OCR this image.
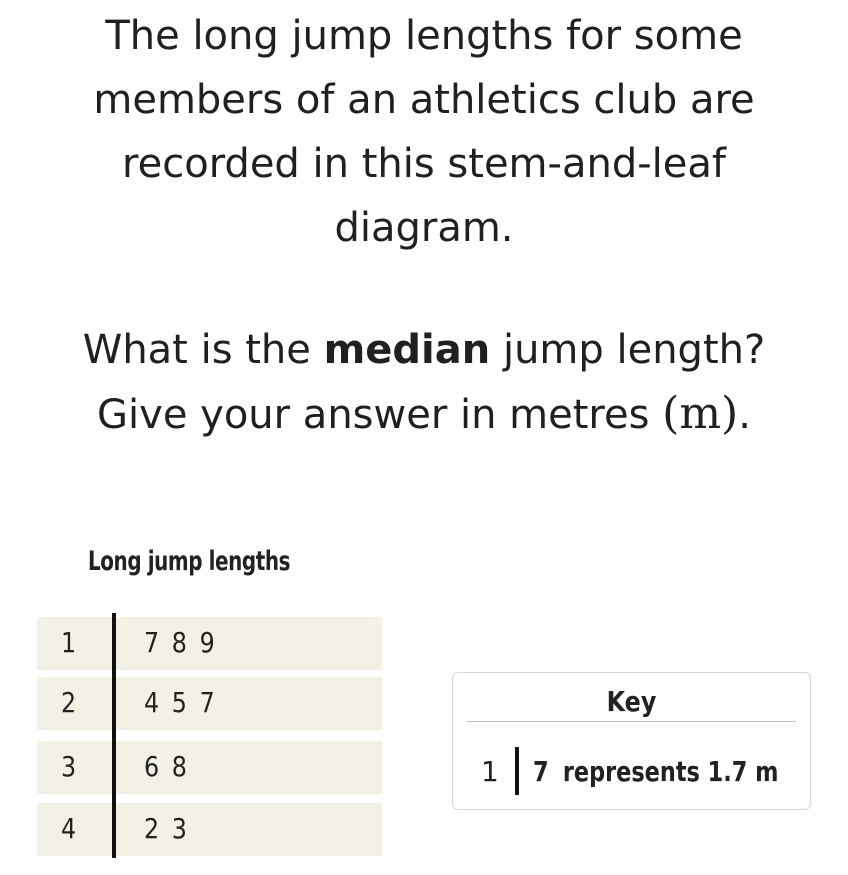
The long jump lengths for some
members of an athletics club are
recorded in this stem-and-leaf
diagram.
What is the median jump length?
Give your answer in metres (m).
Long jump lengths
1 7 8 9
2 4 5 7
3 6 8
4 2 3
Key
1 7 represents 1.7 m
